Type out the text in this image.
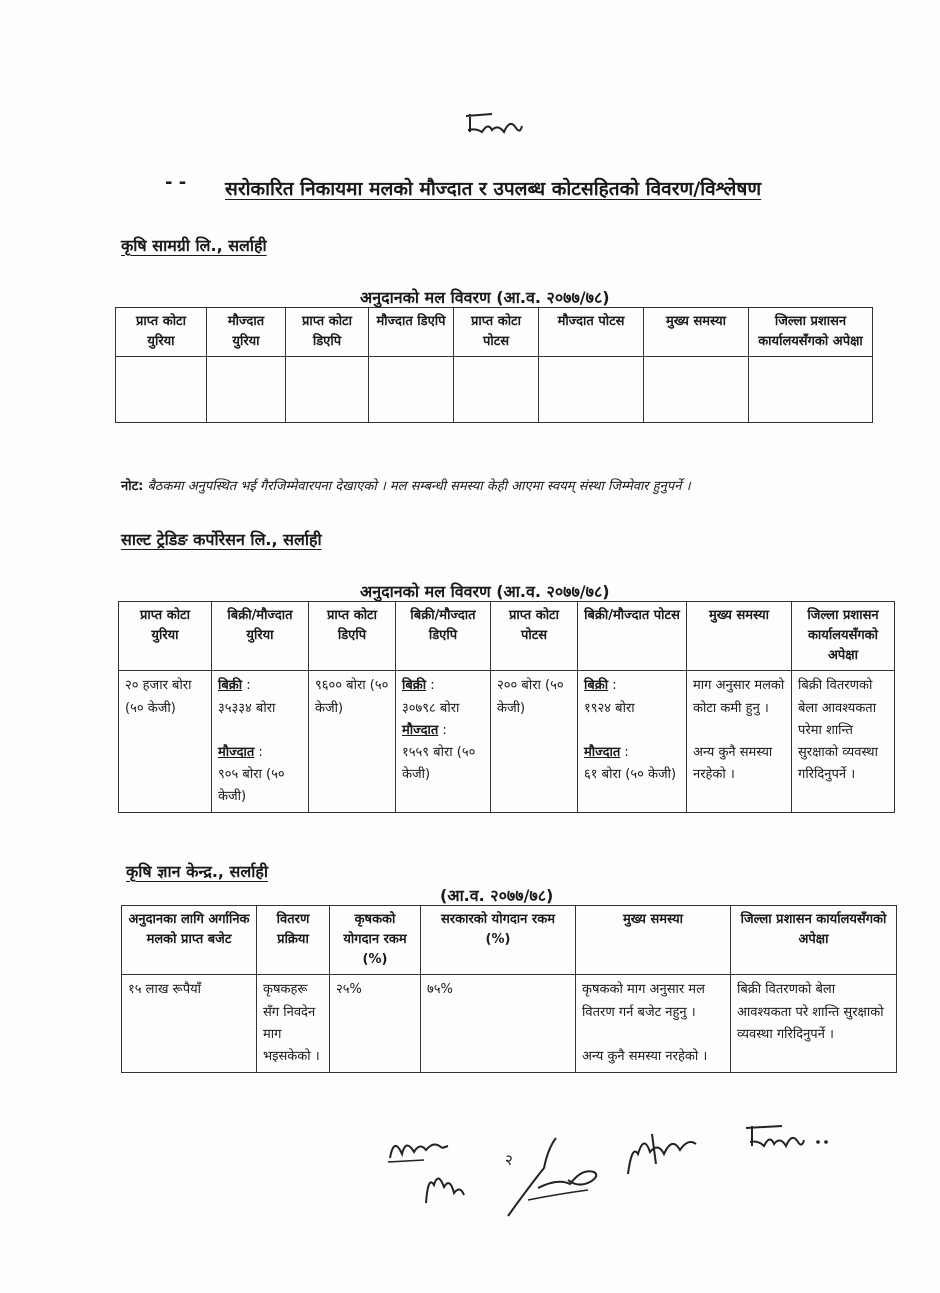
- - सरोकारित निकायमा मलको मौज्दात र उपलब्ध कोटसहितको विवरण/विश्लेषण
कृषि सामग्री लि., सर्लाही
अनुदानको मल विवरण (आ.व. २०७७/७८)
प्राप्त कोटा युरिया	मौज्दात युरिया	प्राप्त कोटा डिएपि	मौज्दात डिएपि	प्राप्त कोटा पोटस	मौज्दात पोटस	मुख्य समस्या	जिल्ला प्रशासन कार्यालयसँगको अपेक्षा

नोट: बैठकमा अनुपस्थित भई गैरजिम्मेवारपना देखाएको । मल सम्बन्धी समस्या केही आएमा स्वयम् संस्था जिम्मेवार हुनुपर्ने ।
साल्ट ट्रेडिङ कर्पोरेसन लि., सर्लाही
अनुदानको मल विवरण (आ.व. २०७७/७८)
प्राप्त कोटा युरिया	बिक्री/मौज्दात युरिया	प्राप्त कोटा डिएपि	बिक्री/मौज्दात डिएपि	प्राप्त कोटा पोटस	बिक्री/मौज्दात पोटस	मुख्य समस्या	जिल्ला प्रशासन कार्यालयसँगको अपेक्षा
२० हजार बोरा (५० केजी)	बिक्री :
३५३३४ बोरा

मौज्दात :
९०५ बोरा (५० केजी)	९६०० बोरा (५० केजी)	बिक्री :
३०७९८ बोरा
मौज्दात :
१५५९ बोरा (५० केजी)	२०० बोरा (५० केजी)	बिक्री :
१९२४ बोरा

मौज्दात :
६१ बोरा (५० केजी)	माग अनुसार मलको कोटा कमी हुनु ।

अन्य कुनै समस्या नरहेको ।	बिक्री वितरणको बेला आवश्यकता परेमा शान्ति सुरक्षाको व्यवस्था गरिदिनुपर्ने ।
कृषि ज्ञान केन्द्र., सर्लाही
(आ.व. २०७७/७८)
अनुदानका लागि अर्गानिक मलको प्राप्त बजेट	वितरण प्रक्रिया	कृषकको योगदान रकम (%)	सरकारको योगदान रकम (%)	मुख्य समस्या	जिल्ला प्रशासन कार्यालयसँगको अपेक्षा
१५ लाख रूपैयाँ	कृषकहरू सँग निवदेन माग भइसकेको ।	२५%	७५%	कृषकको माग अनुसार मल वितरण गर्न बजेट नहुनु ।

अन्य कुनै समस्या नरहेको ।	बिक्री वितरणको बेला आवश्यकता परे शान्ति सुरक्षाको व्यवस्था गरिदिनुपर्ने ।
२
